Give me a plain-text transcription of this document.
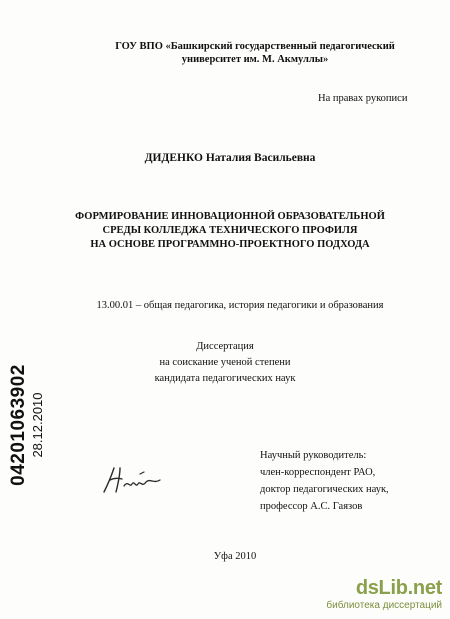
ГОУ ВПО «Башкирский государственный педагогический
университет им. М. Акмуллы»
На правах рукописи
ДИДЕНКО Наталия Васильевна
ФОРМИРОВАНИЕ ИННОВАЦИОННОЙ ОБРАЗОВАТЕЛЬНОЙ
СРЕДЫ КОЛЛЕДЖА ТЕХНИЧЕСКОГО ПРОФИЛЯ
НА ОСНОВЕ ПРОГРАММНО-ПРОЕКТНОГО ПОДХОДА
13.00.01 – общая педагогика, история педагогики и образования
Диссертация
на соискание ученой степени
кандидата педагогических наук
04201063902 28.12.2010	Научный руководитель:
член-корреспондент РАО,
доктор педагогических наук,
профессор А.С. Гаязов
Уфа 2010
dsLib.net
библиотека диссертаций
